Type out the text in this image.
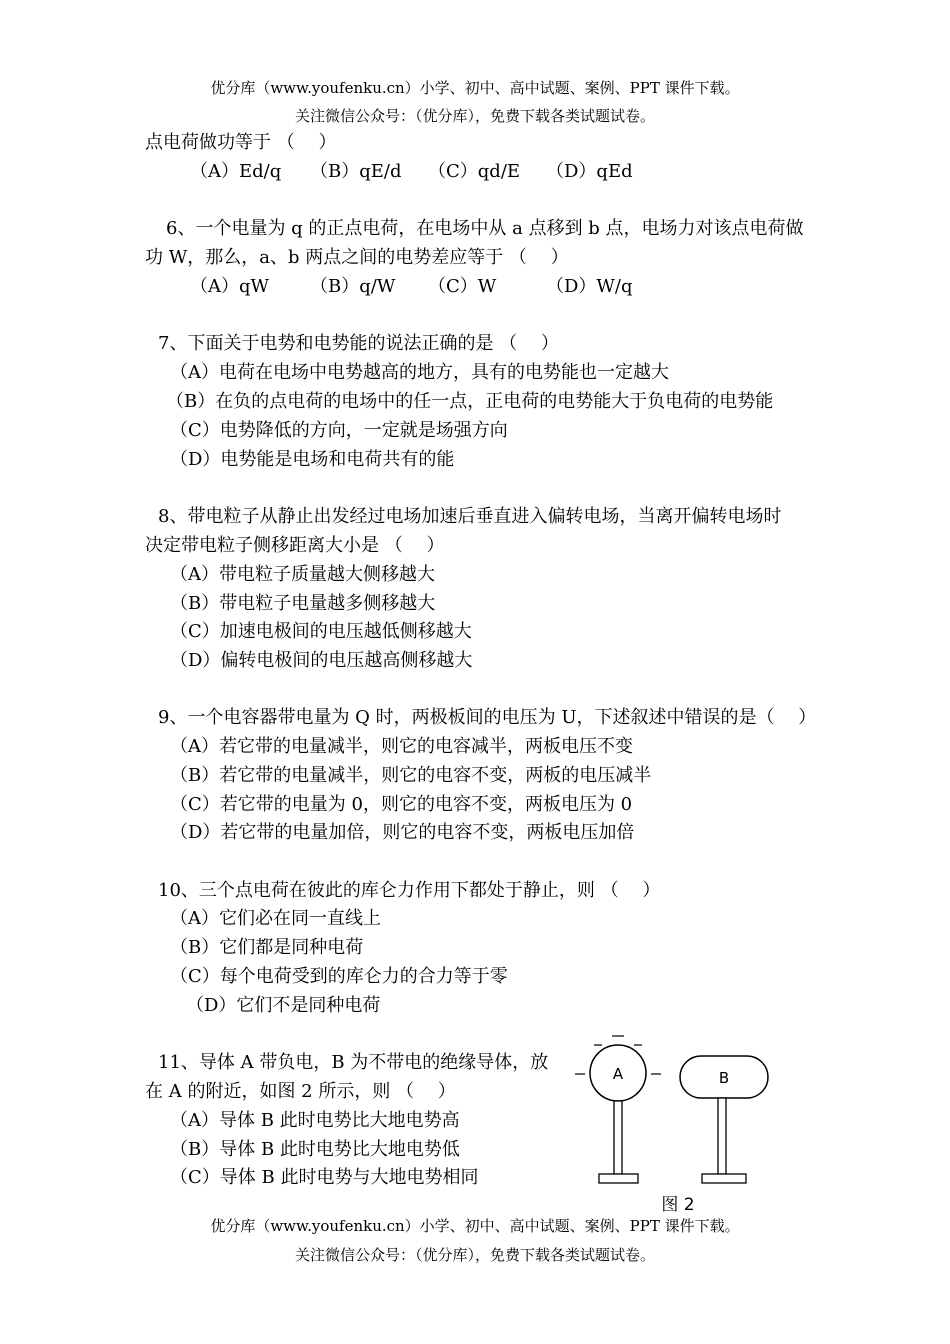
优分库（www.youfenku.cn）小学、初中、高中试题、案例、PPT 课件下载。
关注微信公众号：（优分库），免费下载各类试题试卷。
点电荷做功等于 （　 ）
（A）Ed/q （B）qE/d （C）qd/E （D）qEd
6、一个电量为 q 的正点电荷，在电场中从 a 点移到 b 点，电场力对该点电荷做
功 W，那么，a、b 两点之间的电势差应等于 （　 ）
（A）qW （B）q/W （C）W	（D）W/q
7、下面关于电势和电势能的说法正确的是 （　 ）
（A）电荷在电场中电势越高的地方，具有的电势能也一定越大
（B）在负的点电荷的电场中的任一点，正电荷的电势能大于负电荷的电势能
（C）电势降低的方向，一定就是场强方向
（D）电势能是电场和电荷共有的能
8、带电粒子从静止出发经过电场加速后垂直进入偏转电场，当离开偏转电场时
决定带电粒子侧移距离大小是 （　 ）
（A）带电粒子质量越大侧移越大
（B）带电粒子电量越多侧移越大
（C）加速电极间的电压越低侧移越大
（D）偏转电极间的电压越高侧移越大
9、一个电容器带电量为 Q 时，两极板间的电压为 U，下述叙述中错误的是（　 ）
（A）若它带的电量减半，则它的电容减半，两板电压不变
（B）若它带的电量减半，则它的电容不变，两板的电压减半
（C）若它带的电量为 0，则它的电容不变，两板电压为 0
（D）若它带的电量加倍，则它的电容不变，两板电压加倍
10、三个点电荷在彼此的库仑力作用下都处于静止，则 （　 ）
（A）它们必在同一直线上
（B）它们都是同种电荷
（C）每个电荷受到的库仑力的合力等于零
（D）它们不是同种电荷
11、导体 A 带负电，B 为不带电的绝缘导体，放
在 A 的附近，如图 2 所示，则 （　 ）
（A）导体 B 此时电势比大地电势高
（B）导体 B 此时电势比大地电势低
（C）导体 B 此时电势与大地电势相同
A	B
图 2
优分库（www.youfenku.cn）小学、初中、高中试题、案例、PPT 课件下载。
关注微信公众号：（优分库），免费下载各类试题试卷。
